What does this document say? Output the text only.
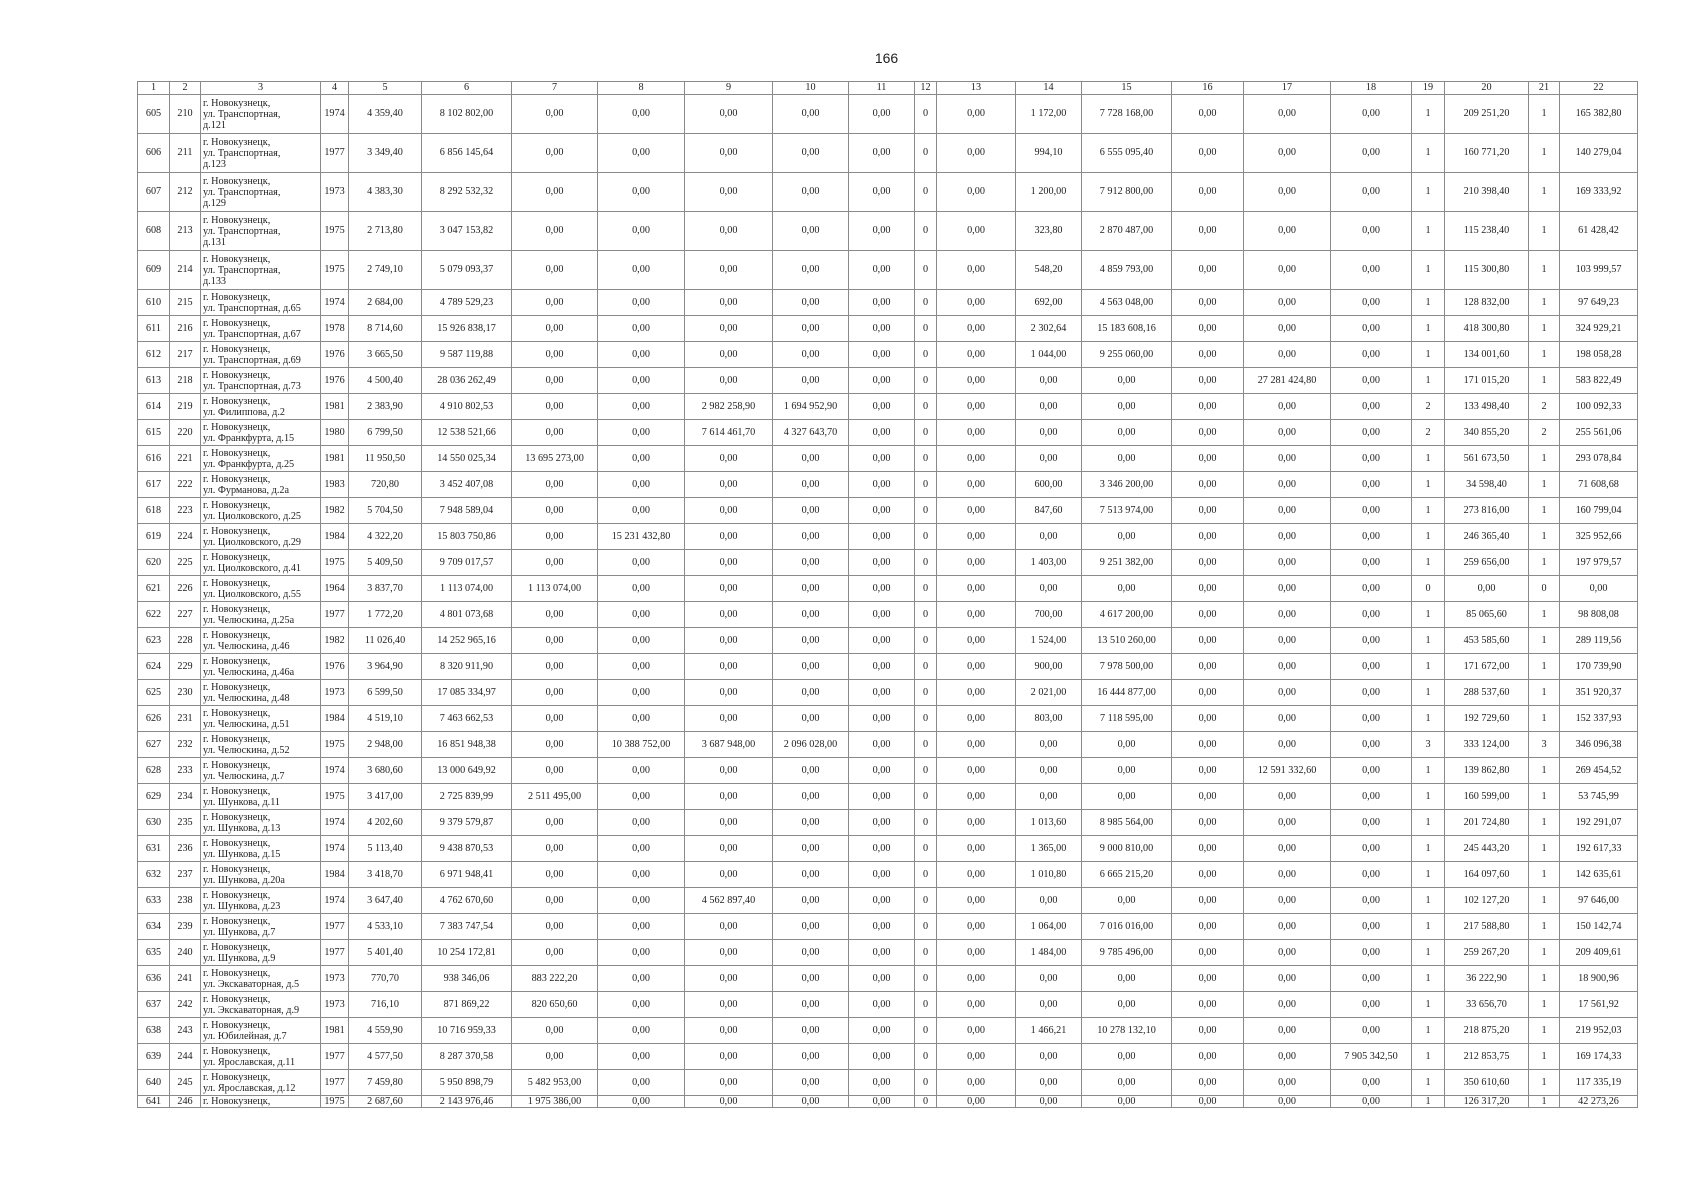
166
1	2	3	4	5	6	7	8	9	10	11	12	13	14	15	16	17	18	19	20	21	22
605	210	г. Новокузнецк,
ул. Транспортная,
д.121	1974	4 359,40	8 102 802,00	0,00	0,00	0,00	0,00	0,00	0	0,00	1 172,00	7 728 168,00	0,00	0,00	0,00	1	209 251,20	1	165 382,80
606	211	г. Новокузнецк,
ул. Транспортная,
д.123	1977	3 349,40	6 856 145,64	0,00	0,00	0,00	0,00	0,00	0	0,00	994,10	6 555 095,40	0,00	0,00	0,00	1	160 771,20	1	140 279,04
607	212	г. Новокузнецк,
ул. Транспортная,
д.129	1973	4 383,30	8 292 532,32	0,00	0,00	0,00	0,00	0,00	0	0,00	1 200,00	7 912 800,00	0,00	0,00	0,00	1	210 398,40	1	169 333,92
608	213	г. Новокузнецк,
ул. Транспортная,
д.131	1975	2 713,80	3 047 153,82	0,00	0,00	0,00	0,00	0,00	0	0,00	323,80	2 870 487,00	0,00	0,00	0,00	1	115 238,40	1	61 428,42
609	214	г. Новокузнецк,
ул. Транспортная,
д.133	1975	2 749,10	5 079 093,37	0,00	0,00	0,00	0,00	0,00	0	0,00	548,20	4 859 793,00	0,00	0,00	0,00	1	115 300,80	1	103 999,57
610	215	г. Новокузнецк,
ул. Транспортная, д.65	1974	2 684,00	4 789 529,23	0,00	0,00	0,00	0,00	0,00	0	0,00	692,00	4 563 048,00	0,00	0,00	0,00	1	128 832,00	1	97 649,23
611	216	г. Новокузнецк,
ул. Транспортная, д.67	1978	8 714,60	15 926 838,17	0,00	0,00	0,00	0,00	0,00	0	0,00	2 302,64	15 183 608,16	0,00	0,00	0,00	1	418 300,80	1	324 929,21
612	217	г. Новокузнецк,
ул. Транспортная, д.69	1976	3 665,50	9 587 119,88	0,00	0,00	0,00	0,00	0,00	0	0,00	1 044,00	9 255 060,00	0,00	0,00	0,00	1	134 001,60	1	198 058,28
613	218	г. Новокузнецк,
ул. Транспортная, д.73	1976	4 500,40	28 036 262,49	0,00	0,00	0,00	0,00	0,00	0	0,00	0,00	0,00	0,00	27 281 424,80	0,00	1	171 015,20	1	583 822,49
614	219	г. Новокузнецк,
ул. Филиппова, д.2	1981	2 383,90	4 910 802,53	0,00	0,00	2 982 258,90	1 694 952,90	0,00	0	0,00	0,00	0,00	0,00	0,00	0,00	2	133 498,40	2	100 092,33
615	220	г. Новокузнецк,
ул. Франкфурта, д.15	1980	6 799,50	12 538 521,66	0,00	0,00	7 614 461,70	4 327 643,70	0,00	0	0,00	0,00	0,00	0,00	0,00	0,00	2	340 855,20	2	255 561,06
616	221	г. Новокузнецк,
ул. Франкфурта, д.25	1981	11 950,50	14 550 025,34	13 695 273,00	0,00	0,00	0,00	0,00	0	0,00	0,00	0,00	0,00	0,00	0,00	1	561 673,50	1	293 078,84
617	222	г. Новокузнецк,
ул. Фурманова, д.2а	1983	720,80	3 452 407,08	0,00	0,00	0,00	0,00	0,00	0	0,00	600,00	3 346 200,00	0,00	0,00	0,00	1	34 598,40	1	71 608,68
618	223	г. Новокузнецк,
ул. Циолковского, д.25	1982	5 704,50	7 948 589,04	0,00	0,00	0,00	0,00	0,00	0	0,00	847,60	7 513 974,00	0,00	0,00	0,00	1	273 816,00	1	160 799,04
619	224	г. Новокузнецк,
ул. Циолковского, д.29	1984	4 322,20	15 803 750,86	0,00	15 231 432,80	0,00	0,00	0,00	0	0,00	0,00	0,00	0,00	0,00	0,00	1	246 365,40	1	325 952,66
620	225	г. Новокузнецк,
ул. Циолковского, д.41	1975	5 409,50	9 709 017,57	0,00	0,00	0,00	0,00	0,00	0	0,00	1 403,00	9 251 382,00	0,00	0,00	0,00	1	259 656,00	1	197 979,57
621	226	г. Новокузнецк,
ул. Циолковского, д.55	1964	3 837,70	1 113 074,00	1 113 074,00	0,00	0,00	0,00	0,00	0	0,00	0,00	0,00	0,00	0,00	0,00	0	0,00	0	0,00
622	227	г. Новокузнецк,
ул. Челюскина, д.25а	1977	1 772,20	4 801 073,68	0,00	0,00	0,00	0,00	0,00	0	0,00	700,00	4 617 200,00	0,00	0,00	0,00	1	85 065,60	1	98 808,08
623	228	г. Новокузнецк,
ул. Челюскина, д.46	1982	11 026,40	14 252 965,16	0,00	0,00	0,00	0,00	0,00	0	0,00	1 524,00	13 510 260,00	0,00	0,00	0,00	1	453 585,60	1	289 119,56
624	229	г. Новокузнецк,
ул. Челюскина, д.46а	1976	3 964,90	8 320 911,90	0,00	0,00	0,00	0,00	0,00	0	0,00	900,00	7 978 500,00	0,00	0,00	0,00	1	171 672,00	1	170 739,90
625	230	г. Новокузнецк,
ул. Челюскина, д.48	1973	6 599,50	17 085 334,97	0,00	0,00	0,00	0,00	0,00	0	0,00	2 021,00	16 444 877,00	0,00	0,00	0,00	1	288 537,60	1	351 920,37
626	231	г. Новокузнецк,
ул. Челюскина, д.51	1984	4 519,10	7 463 662,53	0,00	0,00	0,00	0,00	0,00	0	0,00	803,00	7 118 595,00	0,00	0,00	0,00	1	192 729,60	1	152 337,93
627	232	г. Новокузнецк,
ул. Челюскина, д.52	1975	2 948,00	16 851 948,38	0,00	10 388 752,00	3 687 948,00	2 096 028,00	0,00	0	0,00	0,00	0,00	0,00	0,00	0,00	3	333 124,00	3	346 096,38
628	233	г. Новокузнецк,
ул. Челюскина, д.7	1974	3 680,60	13 000 649,92	0,00	0,00	0,00	0,00	0,00	0	0,00	0,00	0,00	0,00	12 591 332,60	0,00	1	139 862,80	1	269 454,52
629	234	г. Новокузнецк,
ул. Шункова, д.11	1975	3 417,00	2 725 839,99	2 511 495,00	0,00	0,00	0,00	0,00	0	0,00	0,00	0,00	0,00	0,00	0,00	1	160 599,00	1	53 745,99
630	235	г. Новокузнецк,
ул. Шункова, д.13	1974	4 202,60	9 379 579,87	0,00	0,00	0,00	0,00	0,00	0	0,00	1 013,60	8 985 564,00	0,00	0,00	0,00	1	201 724,80	1	192 291,07
631	236	г. Новокузнецк,
ул. Шункова, д.15	1974	5 113,40	9 438 870,53	0,00	0,00	0,00	0,00	0,00	0	0,00	1 365,00	9 000 810,00	0,00	0,00	0,00	1	245 443,20	1	192 617,33
632	237	г. Новокузнецк,
ул. Шункова, д.20а	1984	3 418,70	6 971 948,41	0,00	0,00	0,00	0,00	0,00	0	0,00	1 010,80	6 665 215,20	0,00	0,00	0,00	1	164 097,60	1	142 635,61
633	238	г. Новокузнецк,
ул. Шункова, д.23	1974	3 647,40	4 762 670,60	0,00	0,00	4 562 897,40	0,00	0,00	0	0,00	0,00	0,00	0,00	0,00	0,00	1	102 127,20	1	97 646,00
634	239	г. Новокузнецк,
ул. Шункова, д.7	1977	4 533,10	7 383 747,54	0,00	0,00	0,00	0,00	0,00	0	0,00	1 064,00	7 016 016,00	0,00	0,00	0,00	1	217 588,80	1	150 142,74
635	240	г. Новокузнецк,
ул. Шункова, д.9	1977	5 401,40	10 254 172,81	0,00	0,00	0,00	0,00	0,00	0	0,00	1 484,00	9 785 496,00	0,00	0,00	0,00	1	259 267,20	1	209 409,61
636	241	г. Новокузнецк,
ул. Экскаваторная, д.5	1973	770,70	938 346,06	883 222,20	0,00	0,00	0,00	0,00	0	0,00	0,00	0,00	0,00	0,00	0,00	1	36 222,90	1	18 900,96
637	242	г. Новокузнецк,
ул. Экскаваторная, д.9	1973	716,10	871 869,22	820 650,60	0,00	0,00	0,00	0,00	0	0,00	0,00	0,00	0,00	0,00	0,00	1	33 656,70	1	17 561,92
638	243	г. Новокузнецк,
ул. Юбилейная, д.7	1981	4 559,90	10 716 959,33	0,00	0,00	0,00	0,00	0,00	0	0,00	1 466,21	10 278 132,10	0,00	0,00	0,00	1	218 875,20	1	219 952,03
639	244	г. Новокузнецк,
ул. Ярославская, д.11	1977	4 577,50	8 287 370,58	0,00	0,00	0,00	0,00	0,00	0	0,00	0,00	0,00	0,00	0,00	7 905 342,50	1	212 853,75	1	169 174,33
640	245	г. Новокузнецк,
ул. Ярославская, д.12	1977	7 459,80	5 950 898,79	5 482 953,00	0,00	0,00	0,00	0,00	0	0,00	0,00	0,00	0,00	0,00	0,00	1	350 610,60	1	117 335,19
641	246	г. Новокузнецк,	1975	2 687,60	2 143 976,46	1 975 386,00	0,00	0,00	0,00	0,00	0	0,00	0,00	0,00	0,00	0,00	0,00	1	126 317,20	1	42 273,26
